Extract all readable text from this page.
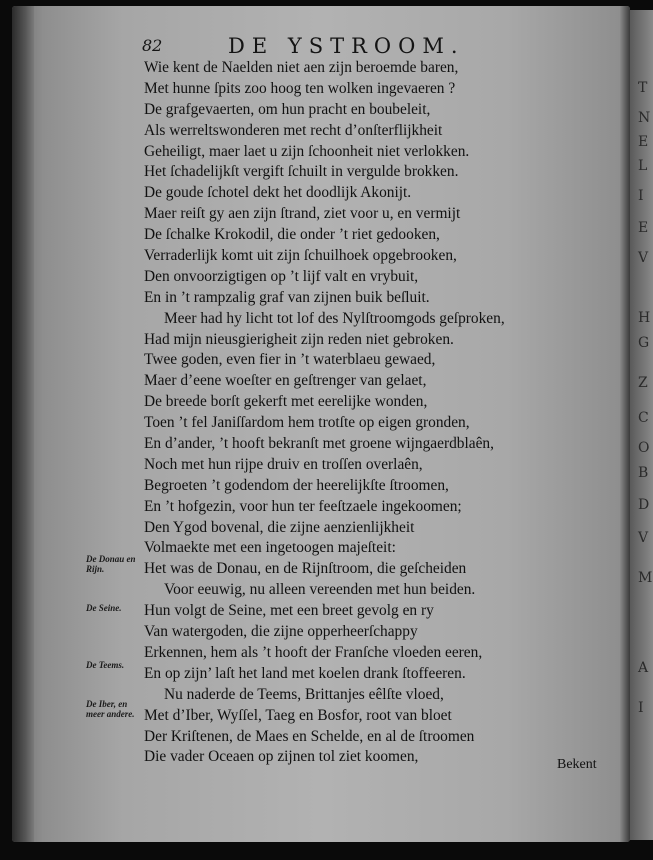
82	DE YSTROOM.
Wie kent de Naelden niet aen zijn beroemde baren,
Met hunne ſpits zoo hoog ten wolken ingevaeren ?
De grafgevaerten, om hun pracht en boubeleit,
Als werreltswonderen met recht d’onſterflijkheit
Geheiligt, maer laet u zijn ſchoonheit niet verlokken.
Het ſchadelijkſt vergift ſchuilt in vergulde brokken.
De goude ſchotel dekt het doodlijk Akonijt.
Maer reiſt gy aen zijn ſtrand, ziet voor u, en vermijt
De ſchalke Krokodil, die onder ’t riet gedooken,
Verraderlijk komt uit zijn ſchuilhoek opgebrooken,
Den onvoorzigtigen op ’t lijf valt en vrybuit,
En in ’t rampzalig graf van zijnen buik beſluit.
Meer had hy licht tot lof des Nylſtroomgods geſproken,
Had mijn nieusgierigheit zijn reden niet gebroken.
Twee goden, even fier in ’t waterblaeu gewaed,
Maer d’eene woeſter en geſtrenger van gelaet,
De breede borſt gekerft met eerelijke wonden,
Toen ’t fel Janiſſardom hem trotſte op eigen gronden,
En d’ander, ’t hooft bekranſt met groene wijngaerdblaên,
Noch met hun rijpe druiv en troſſen overlaên,
Begroeten ’t godendom der heerelijkſte ſtroomen,
En ’t hofgezin, voor hun ter feeſtzaele ingekoomen;
Den Ygod bovenal, die zijne aenzienlijkheit
Volmaekte met een ingetoogen majeſteit:
Het was de Donau, en de Rijnſtroom, die geſcheiden
Voor eeuwig, nu alleen vereenden met hun beiden.
Hun volgt de Seine, met een breet gevolg en ry
Van watergoden, die zijne opperheerſchappy
Erkennen, hem als ’t hooft der Franſche vloeden eeren,
En op zijn’ laſt het land met koelen drank ſtoffeeren.
Nu naderde de Teems, Brittanjes eêlſte vloed,
Met d’Iber, Wyſſel, Taeg en Bosfor, root van bloet
Der Kriſtenen, de Maes en Schelde, en al de ſtroomen
Die vader Oceaen op zijnen tol ziet koomen,
De Donau en Rijn.
De Seine.
De Teems.
De Iber, en meer andere.
Bekent
T
N
E
L
I
E
V
H
G
Z
C
O
B
D
V
M
A
I
